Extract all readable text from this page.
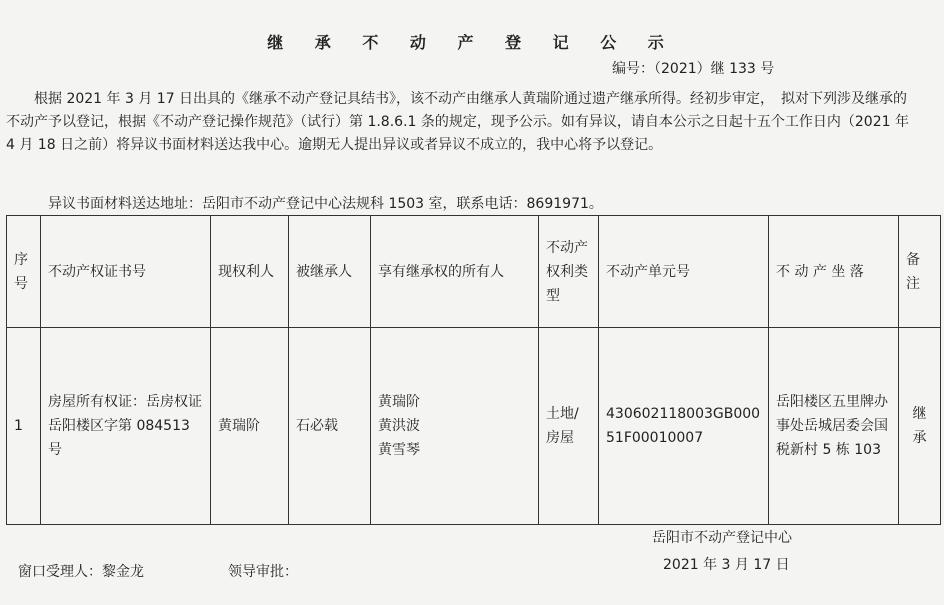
继 承 不 动 产 登 记 公 示
编号：（2021）继 133 号

　　根据 2021 年 3 月 17 日出具的《继承不动产登记具结书》，该不动产由继承人黄瑞阶通过遗产继承所得。经初步审定，　拟对下列涉及继承的不动产予以登记，根据《不动产登记操作规范》（试行）第 1.8.6.1 条的规定，现予公示。如有异议，请自本公示之日起十五个工作日内（2021 年 4 月 18 日之前）将异议书面材料送达我中心。逾期无人提出异议或者异议不成立的，我中心将予以登记。

异议书面材料送达地址：岳阳市不动产登记中心法规科 1503 室，联系电话：8691971。
序号	不动产权证书号	现权利人	被继承人	享有继承权的所有人	不动产权利类型	不动产单元号	不 动 产 坐 落	备注
1	房屋所有权证：岳房权证岳阳楼区字第 084513 号	黄瑞阶	石必载	黄瑞阶
黄洪波
黄雪琴	土地/房屋	430602118003GB00051F00010007	岳阳楼区五里牌办事处岳城居委会国税新村 5 栋 103	继承
岳阳市不动产登记中心
2021 年 3 月 17 日
窗口受理人：黎金龙	领导审批：
